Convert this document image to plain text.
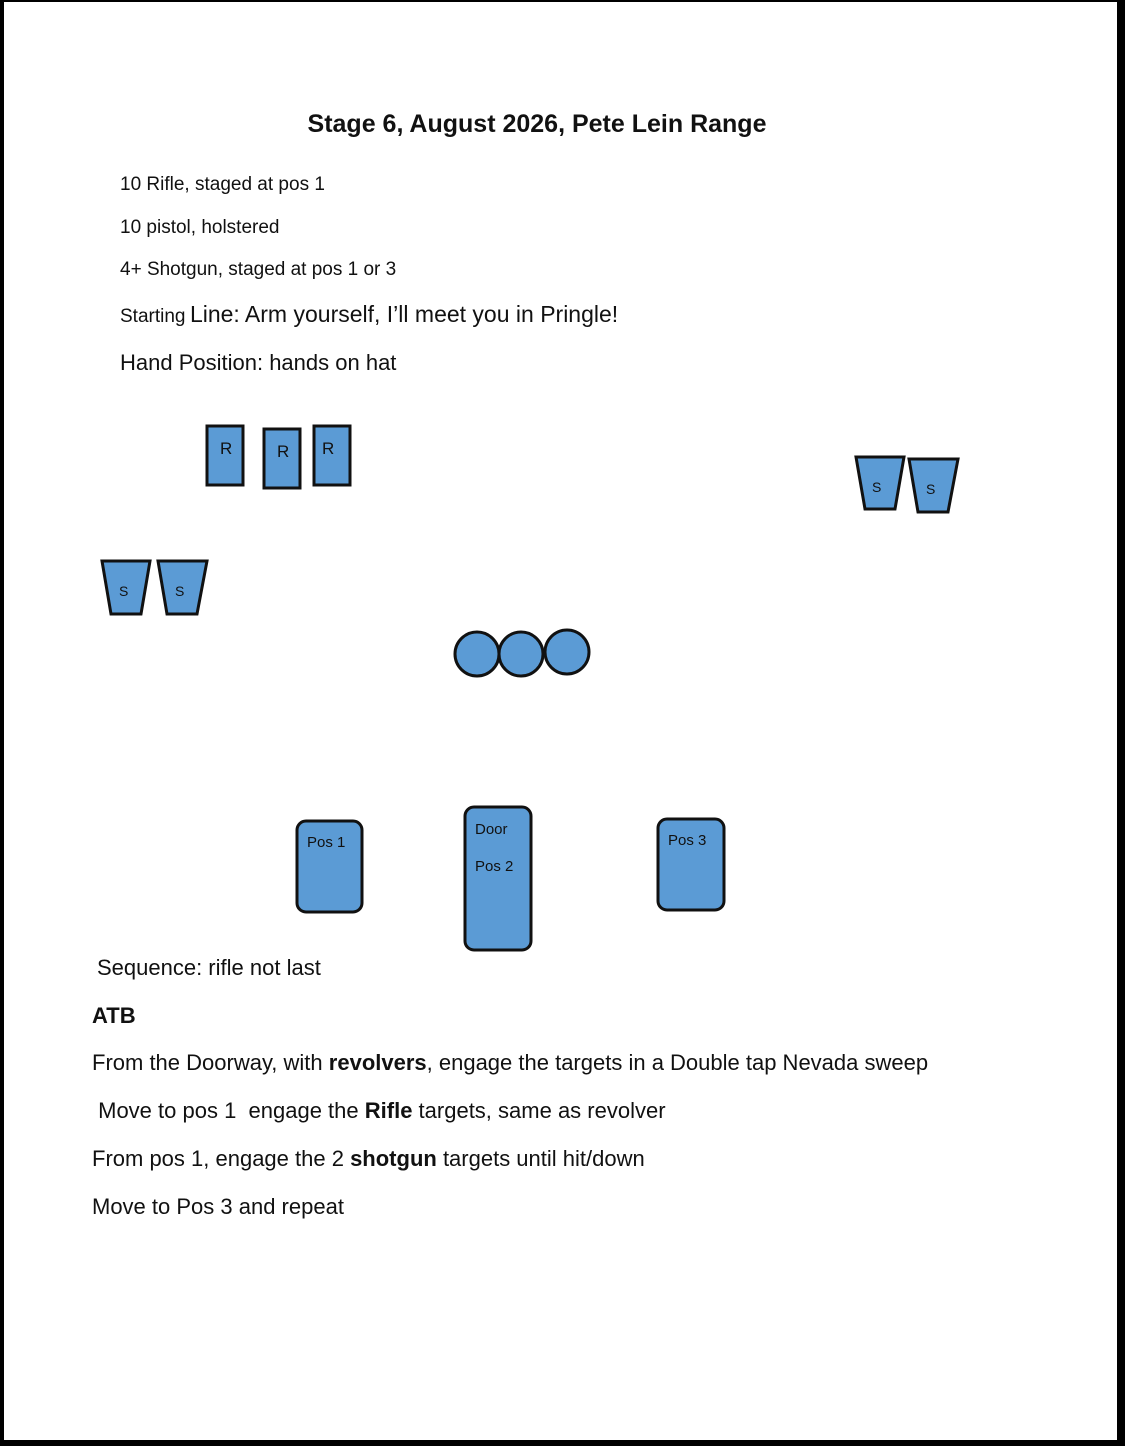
Stage 6, August 2026, Pete Lein Range
10 Rifle, staged at pos 1
10 pistol, holstered
4+ Shotgun, staged at pos 1 or 3
Starting Line: Arm yourself, I’ll meet you in Pringle!
Hand Position: hands on hat
R	R R
S	S
S	S
Pos 1
Door
Pos 2
Pos 3
Sequence: rifle not last
ATB
From the Doorway, with revolvers, engage the targets in a Double tap Nevada sweep
Move to pos 1  engage the Rifle targets, same as revolver
From pos 1, engage the 2 shotgun targets until hit/down
Move to Pos 3 and repeat
